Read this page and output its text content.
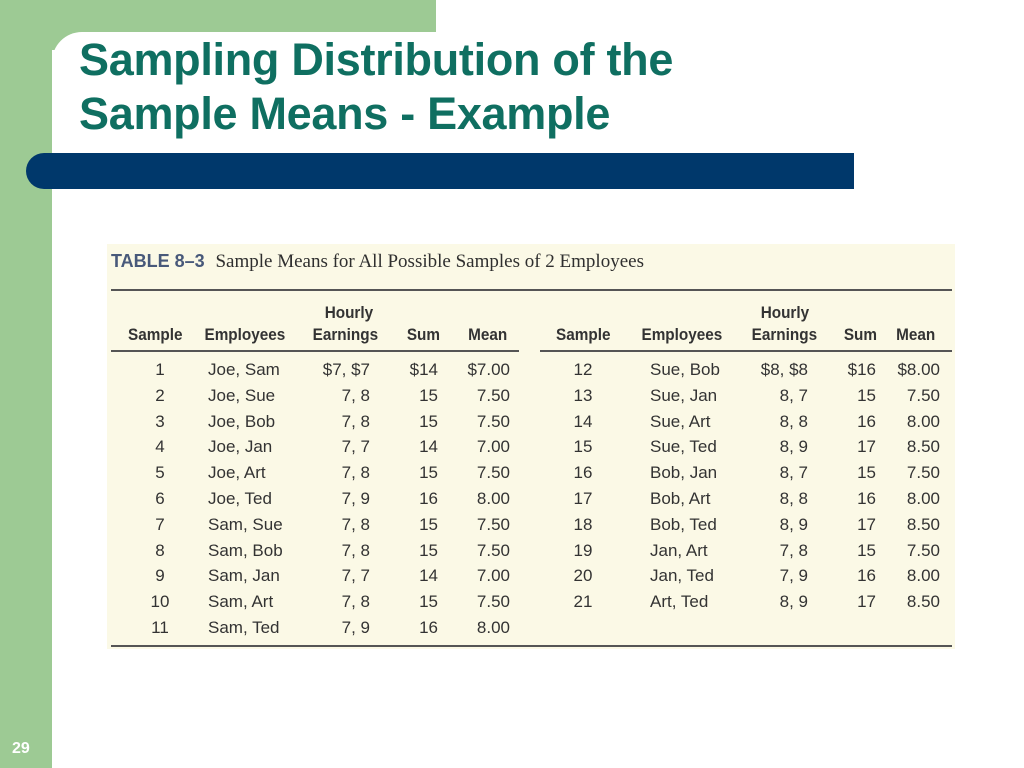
Sampling Distribution of the
Sample Means - Example
TABLE 8–3 Sample Means for All Possible Samples of 2 Employees
Sample Employees
Hourly
Earnings Sum Mean	Sample Employees
Hourly
Earnings Sum Mean
1
2
3
4
5
6
7
8
9
10
11
Joe, Sam
Joe, Sue
Joe, Bob
Joe, Jan
Joe, Art
Joe, Ted
Sam, Sue
Sam, Bob
Sam, Jan
Sam, Art
Sam, Ted
$7, $7
7, 8
7, 8
7, 7
7, 8
7, 9
7, 8
7, 8
7, 7
7, 8
7, 9
$14
15
15
14
15
16
15
15
14
15
16
$7.00
7.50
7.50
7.00
7.50
8.00
7.50
7.50
7.00
7.50
8.00
12
13
14
15
16
17
18
19
20
21
Sue, Bob
Sue, Jan
Sue, Art
Sue, Ted
Bob, Jan
Bob, Art
Bob, Ted
Jan, Art
Jan, Ted
Art, Ted
$8, $8
8, 7
8, 8
8, 9
8, 7
8, 8
8, 9
7, 8
7, 9
8, 9
$16
15
16
17
15
16
17
15
16
17
$8.00
7.50
8.00
8.50
7.50
8.00
8.50
7.50
8.00
8.50
29
